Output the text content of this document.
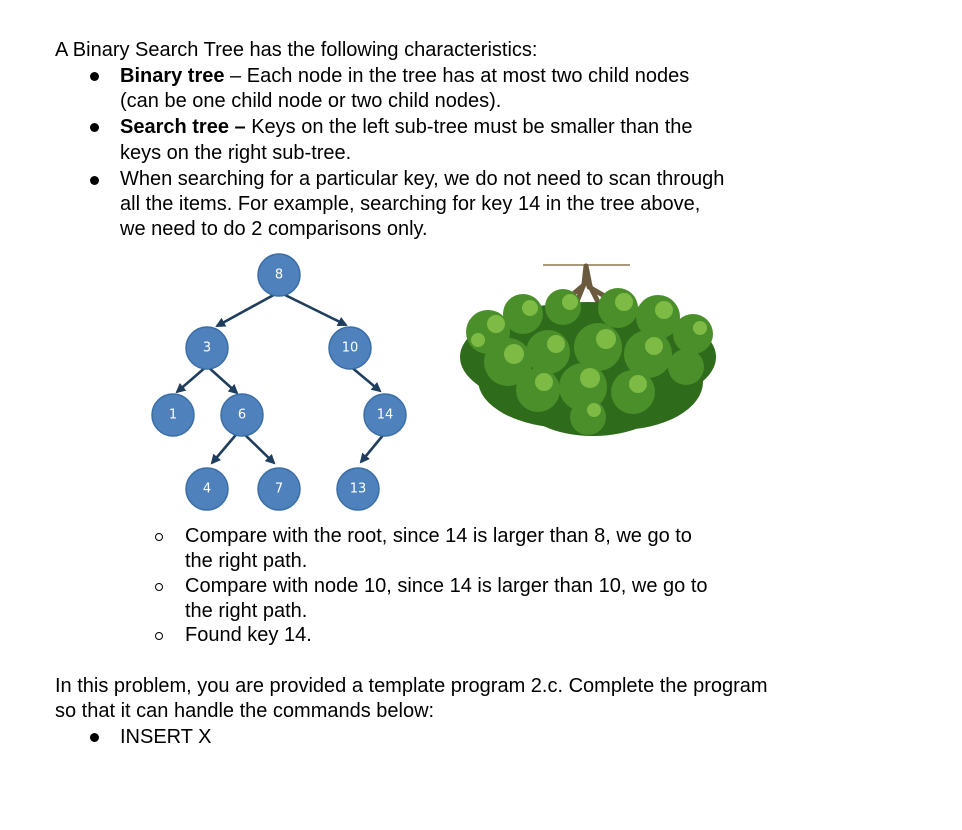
A Binary Search Tree has the following characteristics:
Binary tree – Each node in the tree has at most two child nodes
(can be one child node or two child nodes).
Search tree – Keys on the left sub-tree must be smaller than the
keys on the right sub-tree.
When searching for a particular key, we do not need to scan through
all the items. For example, searching for key 14 in the tree above,
we need to do 2 comparisons only.
8
3	10
1	6	14
4	7	13
Compare with the root, since 14 is larger than 8, we go to
the right path.
Compare with node 10, since 14 is larger than 10, we go to
the right path.
Found key 14.
In this problem, you are provided a template program 2.c. Complete the program
so that it can handle the commands below:
INSERT X
